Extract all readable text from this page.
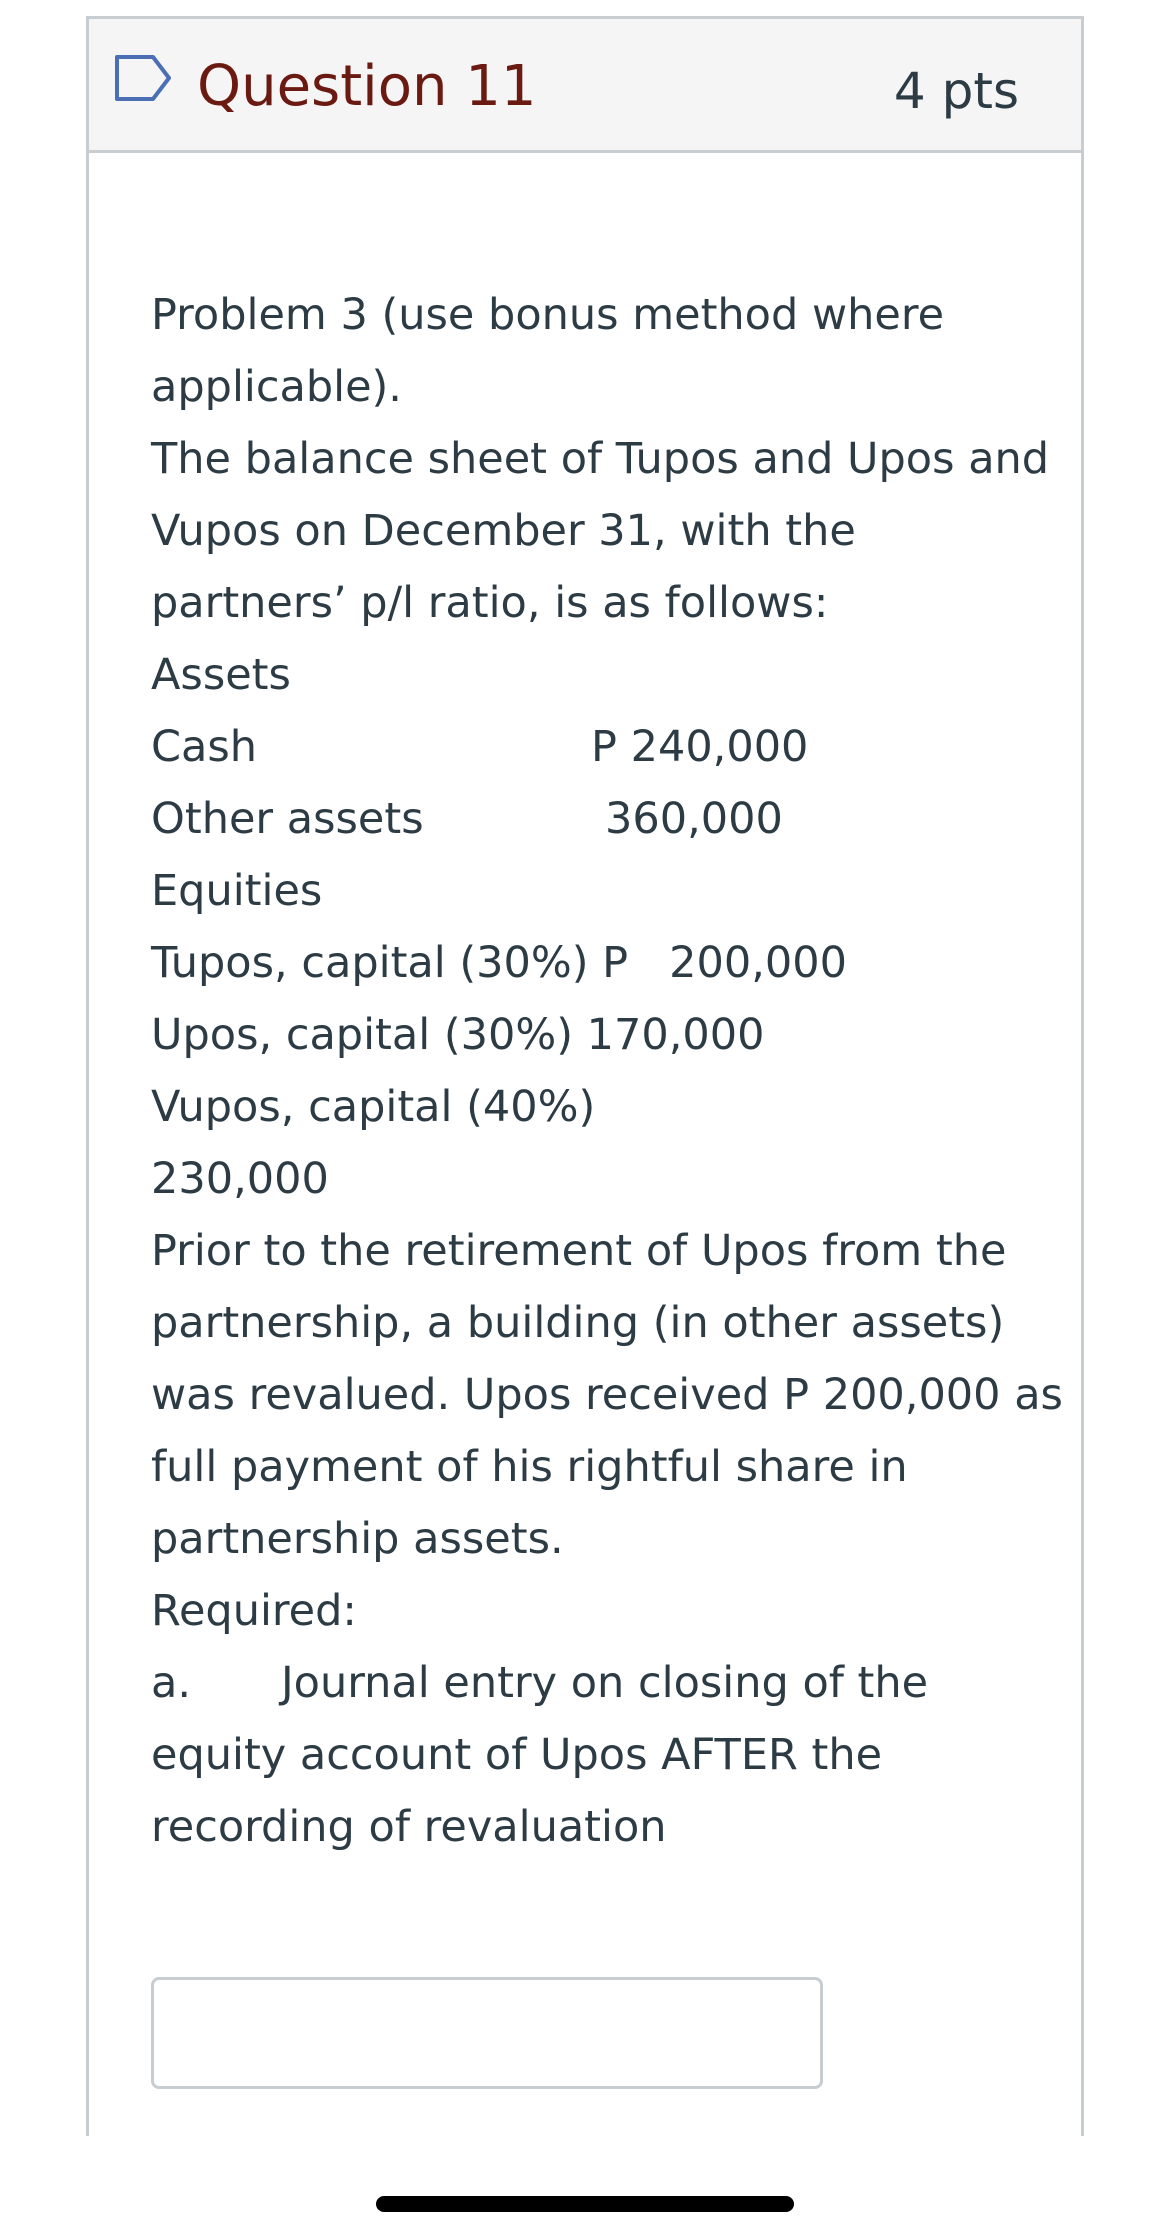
Question 11	4 pts
Problem 3 (use bonus method where
applicable).
The balance sheet of Tupos and Upos and
Vupos on December 31, with the
partners’ p/l ratio, is as follows:
Assets
Cash	P 240,000
Other assets	360,000
Equities
Tupos, capital (30%) P   200,000
Upos, capital (30%) 170,000
Vupos, capital (40%)
230,000
Prior to the retirement of Upos from the
partnership, a building (in other assets)
was revalued. Upos received P 200,000 as
full payment of his rightful share in
partnership assets.
Required:
a. Journal entry on closing of the
equity account of Upos AFTER the
recording of revaluation
